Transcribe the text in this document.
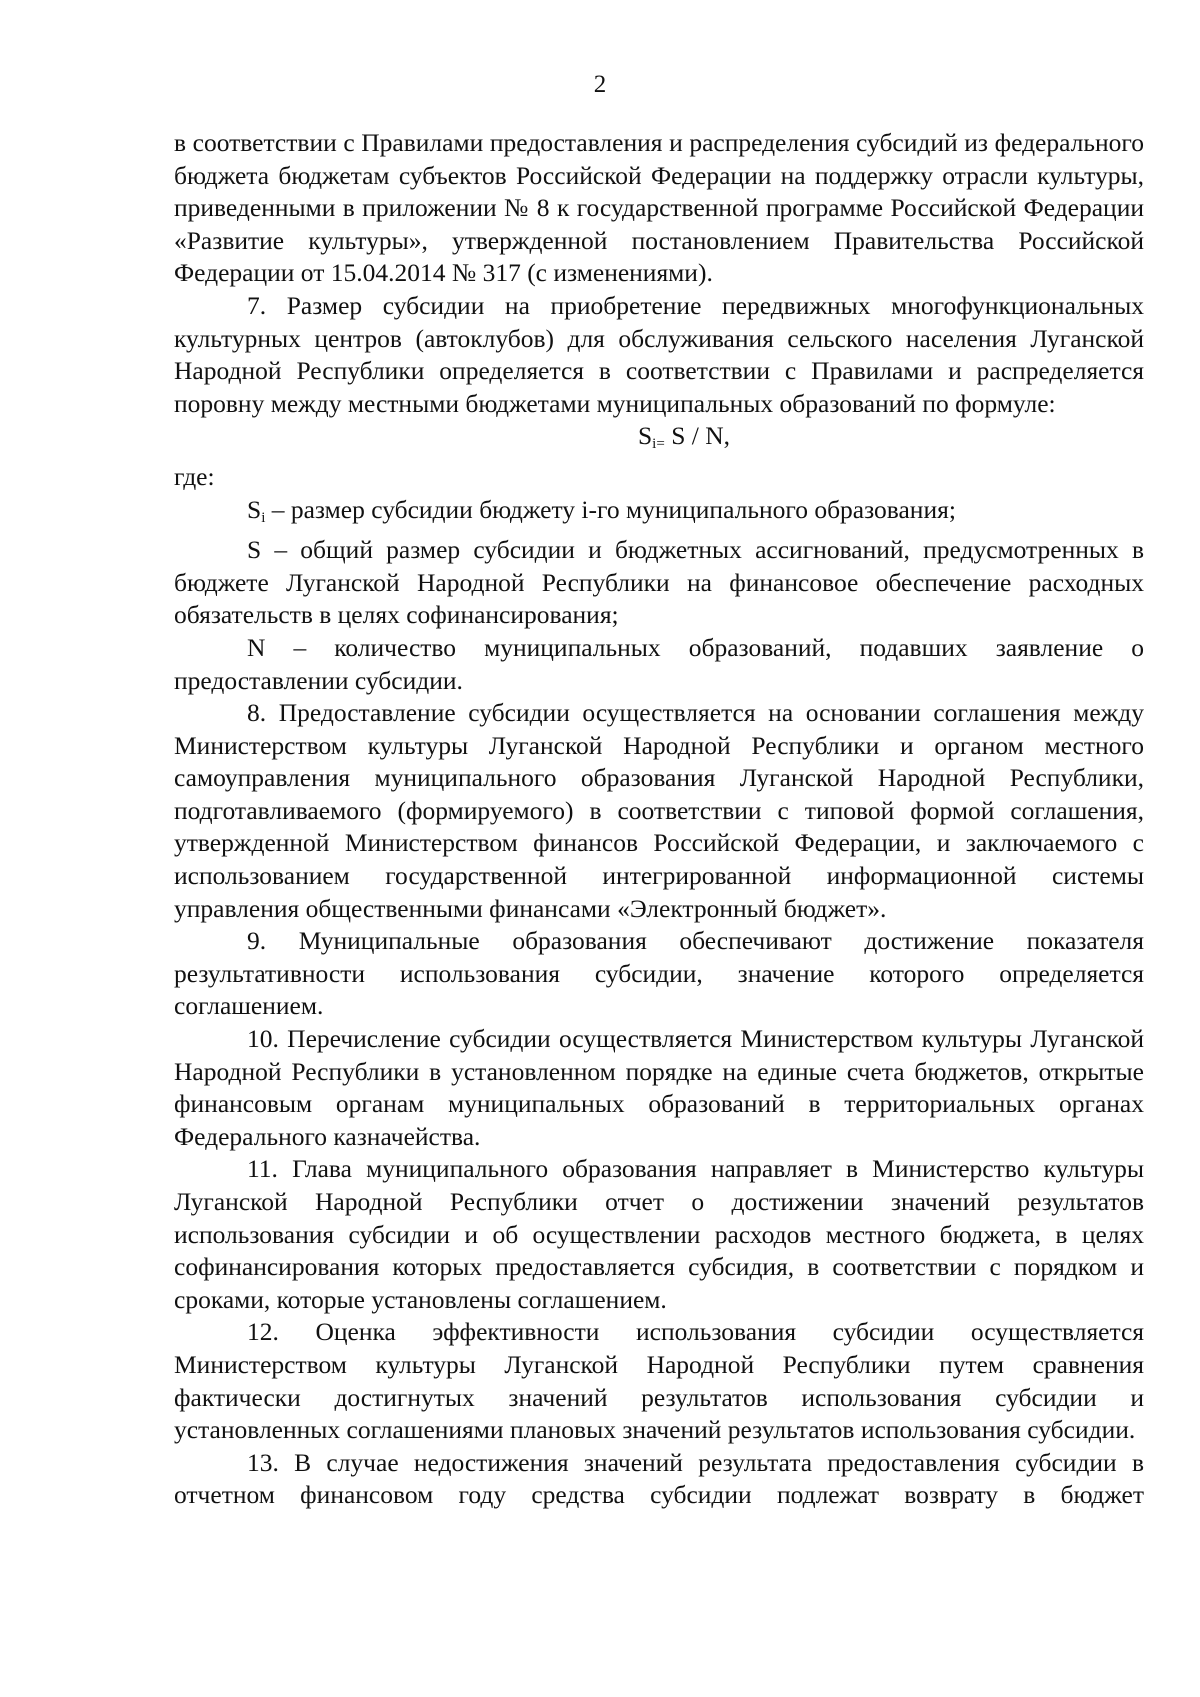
2

в соответствии с Правилами предоставления и распределения субсидий из федерального бюджета бюджетам субъектов Российской Федерации на поддержку отрасли культуры, приведенными в приложении № 8 к государственной программе Российской Федерации «Развитие культуры», утвержденной постановлением Правительства Российской Федерации от 15.04.2014 № 317 (с изменениями).

7. Размер субсидии на приобретение передвижных многофункциональных культурных центров (автоклубов) для обслуживания сельского населения Луганской Народной Республики определяется в соответствии с Правилами и распределяется поровну между местными бюджетами муниципальных образований по формуле:

$S_i= S / N$,

где:

Si – размер субсидии бюджету i-го муниципального образования;

S – общий размер субсидии и бюджетных ассигнований, предусмотренных в бюджете Луганской Народной Республики на финансовое обеспечение расходных обязательств в целях софинансирования;

N – количество муниципальных образований, подавших заявление о предоставлении субсидии.

8. Предоставление субсидии осуществляется на основании соглашения между Министерством культуры Луганской Народной Республики и органом местного самоуправления муниципального образования Луганской Народной Республики, подготавливаемого (формируемого) в соответствии с типовой формой соглашения, утвержденной Министерством финансов Российской Федерации, и заключаемого с использованием государственной интегрированной информационной системы управления общественными финансами «Электронный бюджет».

9. Муниципальные образования обеспечивают достижение показателя результативности использования субсидии, значение которого определяется соглашением.

10. Перечисление субсидии осуществляется Министерством культуры Луганской Народной Республики в установленном порядке на единые счета бюджетов, открытые финансовым органам муниципальных образований в территориальных органах Федерального казначейства.

11. Глава муниципального образования направляет в Министерство культуры Луганской Народной Республики отчет о достижении значений результатов использования субсидии и об осуществлении расходов местного бюджета, в целях софинансирования которых предоставляется субсидия, в соответствии с порядком и сроками, которые установлены соглашением.

12. Оценка эффективности использования субсидии осуществляется Министерством культуры Луганской Народной Республики путем сравнения фактически достигнутых значений результатов использования субсидии и установленных соглашениями плановых значений результатов использования субсидии.

13. В случае недостижения значений результата предоставления субсидии в отчетном финансовом году средства субсидии подлежат возврату в бюджет
